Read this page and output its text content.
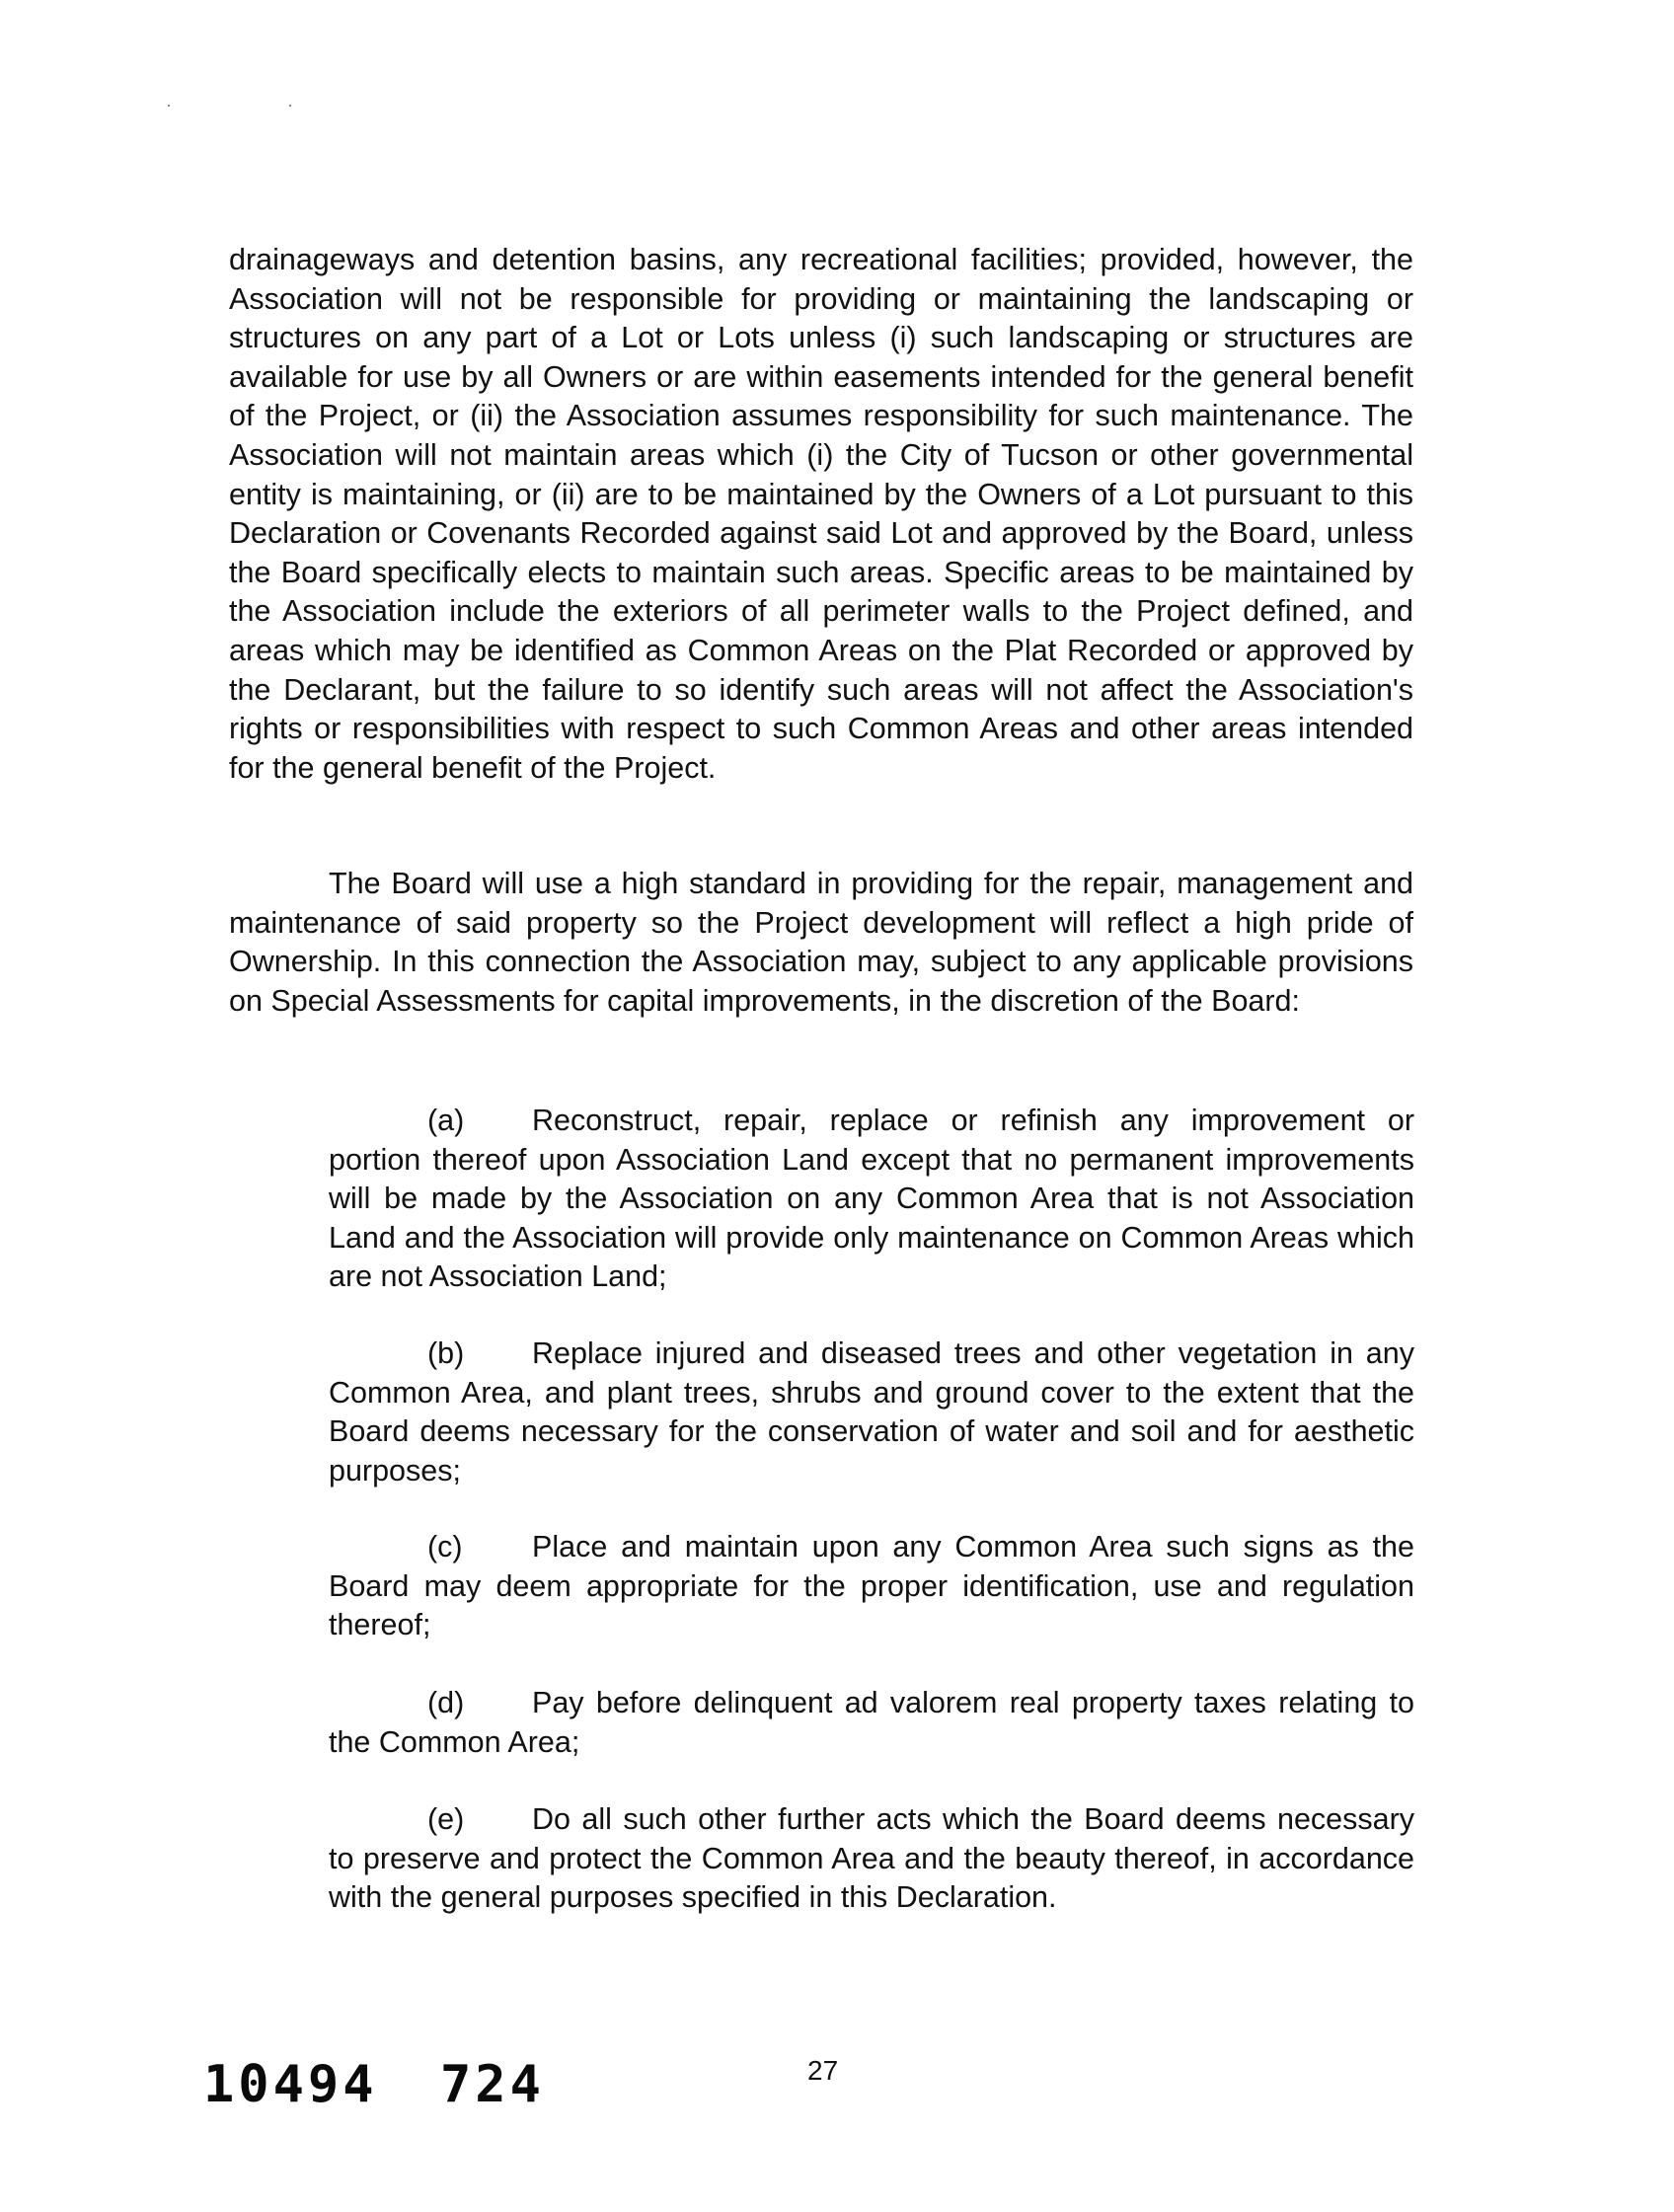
· ·

drainageways and detention basins, any recreational facilities; provided, however, the Association will not be responsible for providing or maintaining the landscaping or structures on any part of a Lot or Lots unless (i) such landscaping or structures are available for use by all Owners or are within easements intended for the general benefit of the Project, or (ii) the Association assumes responsibility for such maintenance. The Association will not maintain areas which (i) the City of Tucson or other governmental entity is maintaining, or (ii) are to be maintained by the Owners of a Lot pursuant to this Declaration or Covenants Recorded against said Lot and approved by the Board, unless the Board specifically elects to maintain such areas. Specific areas to be maintained by the Association include the exteriors of all perimeter walls to the Project defined, and areas which may be identified as Common Areas on the Plat Recorded or approved by the Declarant, but the failure to so identify such areas will not affect the Association's rights or responsibilities with respect to such Common Areas and other areas intended for the general benefit of the Project.

The Board will use a high standard in providing for the repair, management and maintenance of said property so the Project development will reflect a high pride of Ownership. In this connection the Association may, subject to any applicable provisions on Special Assessments for capital improvements, in the discretion of the Board:

(a) Reconstruct, repair, replace or refinish any improvement or portion thereof upon Association Land except that no permanent improvements will be made by the Association on any Common Area that is not Association Land and the Association will provide only maintenance on Common Areas which are not Association Land;

(b) Replace injured and diseased trees and other vegetation in any Common Area, and plant trees, shrubs and ground cover to the extent that the Board deems necessary for the conservation of water and soil and for aesthetic purposes;

(c) Place and maintain upon any Common Area such signs as the Board may deem appropriate for the proper identification, use and regulation thereof;

(d) Pay before delinquent ad valorem real property taxes relating to the Common Area;

(e) Do all such other further acts which the Board deems necessary to preserve and protect the Common Area and the beauty thereof, in accordance with the general purposes specified in this Declaration.

27
10494 724
